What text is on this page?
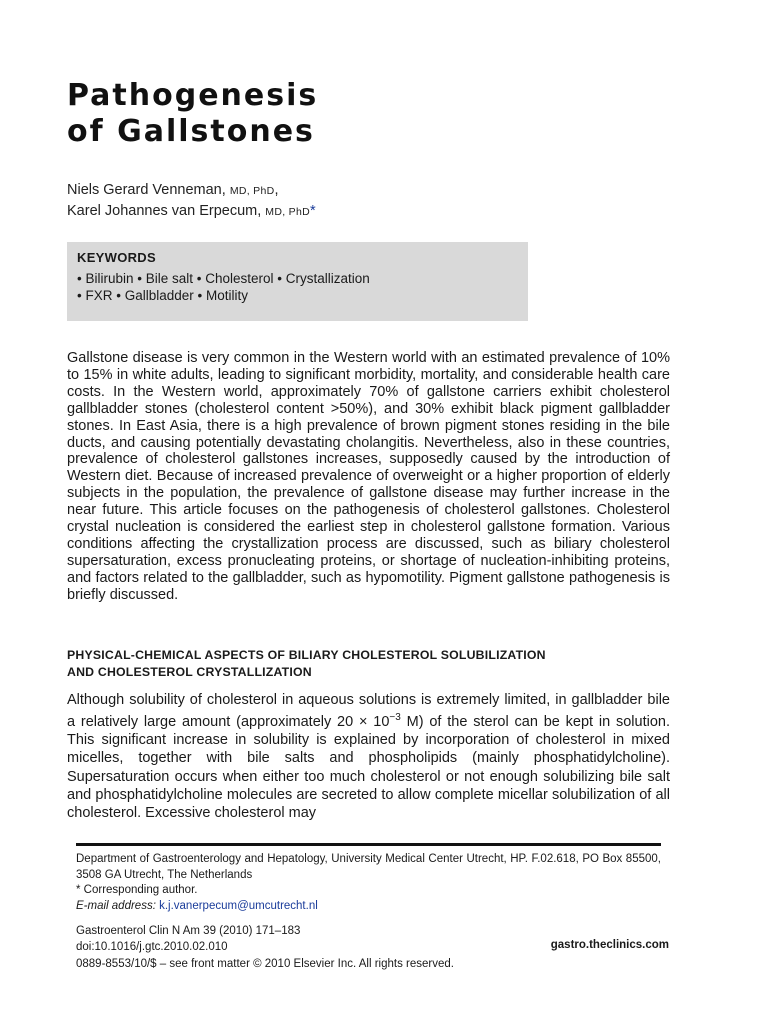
Pathogenesis
of Gallstones
Niels Gerard Venneman, MD, PhD,
Karel Johannes van Erpecum, MD, PhD*
KEYWORDS
• Bilirubin • Bile salt • Cholesterol • Crystallization
• FXR • Gallbladder • Motility
Gallstone disease is very common in the Western world with an estimated prevalence of 10% to 15% in white adults, leading to significant morbidity, mortality, and considerable health care costs. In the Western world, approximately 70% of gallstone carriers exhibit cholesterol gallbladder stones (cholesterol content >50%), and 30% exhibit black pigment gallbladder stones. In East Asia, there is a high prevalence of brown pigment stones residing in the bile ducts, and causing potentially devastating cholangitis. Nevertheless, also in these countries, prevalence of cholesterol gallstones increases, supposedly caused by the introduction of Western diet. Because of increased prevalence of overweight or a higher proportion of elderly subjects in the population, the prevalence of gallstone disease may further increase in the near future. This article focuses on the pathogenesis of cholesterol gallstones. Cholesterol crystal nucleation is considered the earliest step in cholesterol gallstone formation. Various conditions affecting the crystallization process are discussed, such as biliary cholesterol supersaturation, excess pronucleating proteins, or shortage of nucleation-inhibiting proteins, and factors related to the gallbladder, such as hypomotility. Pigment gallstone pathogenesis is briefly discussed.
PHYSICAL-CHEMICAL ASPECTS OF BILIARY CHOLESTEROL SOLUBILIZATION
AND CHOLESTEROL CRYSTALLIZATION
Although solubility of cholesterol in aqueous solutions is extremely limited, in gallbladder bile a relatively large amount (approximately $20 \times 10^{-3}$ M) of the sterol can be kept in solution. This significant increase in solubility is explained by incorporation of cholesterol in mixed micelles, together with bile salts and phospholipids (mainly phosphatidylcholine). Supersaturation occurs when either too much cholesterol or not enough solubilizing bile salt and phosphatidylcholine molecules are secreted to allow complete micellar solubilization of all cholesterol. Excessive cholesterol may
Department of Gastroenterology and Hepatology, University Medical Center Utrecht, HP. F.02.618, PO Box 85500, 3508 GA Utrecht, The Netherlands
* Corresponding author.
E-mail address: k.j.vanerpecum@umcutrecht.nl
Gastroenterol Clin N Am 39 (2010) 171–183
doi:10.1016/j.gtc.2010.02.010
0889-8553/10/$ – see front matter © 2010 Elsevier Inc. All rights reserved.
gastro.theclinics.com
